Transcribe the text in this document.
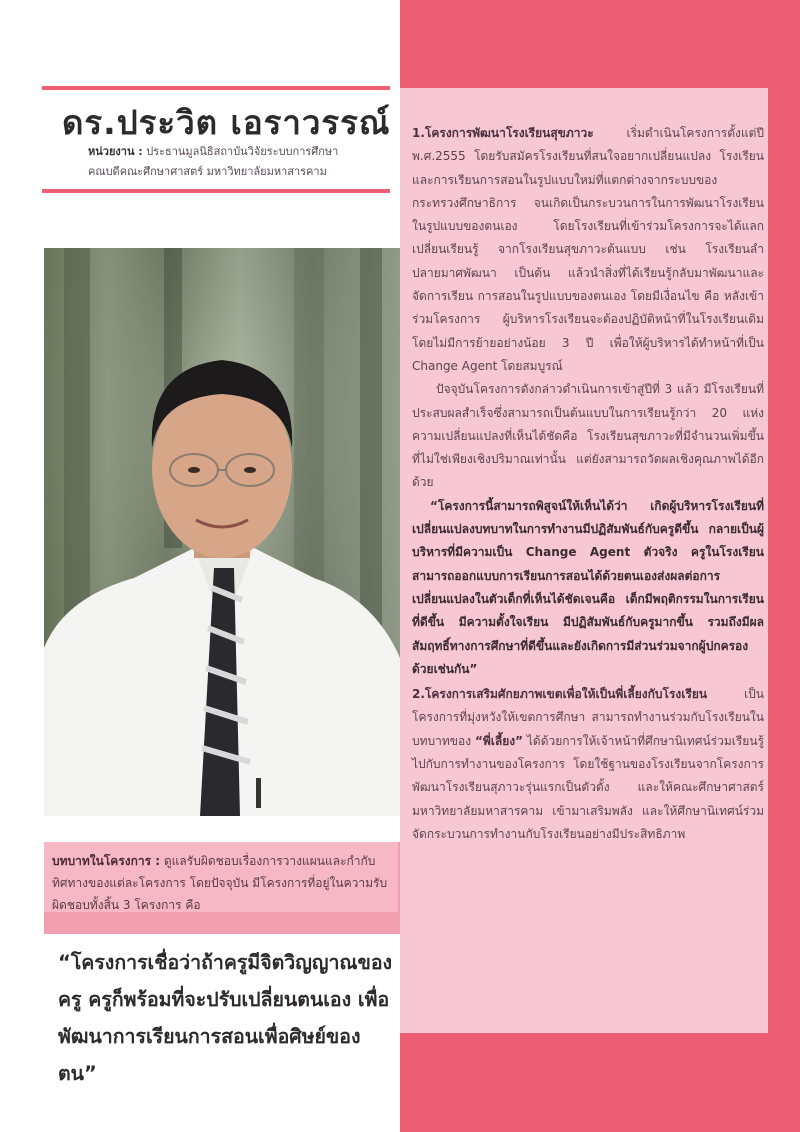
ดร.ประวิต เอราวรรณ์
หน่วยงาน : ประธานมูลนิธิสถาบันวิจัยระบบการศึกษา
คณบดีคณะศึกษาศาสตร์ มหาวิทยาลัยมหาสารคาม

1.โครงการพัฒนาโรงเรียนสุขภาวะ เริ่มดำเนินโครงการตั้งแต่ปี พ.ศ.2555 โดยรับสมัครโรงเรียนที่สนใจอยากเปลี่ยนแปลง โรงเรียนและการเรียนการสอนในรูปแบบใหม่ที่แตกต่างจากระบบของกระทรวงศึกษาธิการ จนเกิดเป็นกระบวนการในการพัฒนาโรงเรียน ในรูปแบบของตนเอง โดยโรงเรียนที่เข้าร่วมโครงการจะได้แลกเปลี่ยนเรียนรู้ จากโรงเรียนสุขภาวะต้นแบบ เช่น โรงเรียนลำปลายมาศพัฒนา เป็นต้น แล้วนำสิ่งที่ได้เรียนรู้กลับมาพัฒนาและจัดการเรียน การสอนในรูปแบบของตนเอง โดยมีเงื่อนไข คือ หลังเข้าร่วมโครงการ ผู้บริหารโรงเรียนจะต้องปฏิบัติหน้าที่ในโรงเรียนเดิมโดยไม่มีการย้ายอย่างน้อย 3 ปี เพื่อให้ผู้บริหารได้ทำหน้าที่เป็น Change Agent โดยสมบูรณ์

ปัจจุบันโครงการดังกล่าวดำเนินการเข้าสู่ปีที่ 3 แล้ว มีโรงเรียนที่ประสบผลสำเร็จซึ่งสามารถเป็นต้นแบบในการเรียนรู้กว่า 20 แห่ง ความเปลี่ยนแปลงที่เห็นได้ชัดคือ โรงเรียนสุขภาวะที่มีจำนวนเพิ่มขึ้น ที่ไม่ใช่เพียงเชิงปริมาณเท่านั้น แต่ยังสามารถวัดผลเชิงคุณภาพได้อีกด้วย

“โครงการนี้สามารถพิสูจน์ให้เห็นได้ว่า เกิดผู้บริหารโรงเรียนที่เปลี่ยนแปลงบทบาทในการทำงานมีปฏิสัมพันธ์กับครูดีขึ้น กลายเป็นผู้บริหารที่มีความเป็น Change Agent ตัวจริง ครูในโรงเรียนสามารถออกแบบการเรียนการสอนได้ด้วยตนเองส่งผลต่อการเปลี่ยนแปลงในตัวเด็กที่เห็นได้ชัดเจนคือ เด็กมีพฤติกรรมในการเรียนที่ดีขึ้น มีความตั้งใจเรียน มีปฏิสัมพันธ์กับครูมากขึ้น รวมถึงมีผลสัมฤทธิ์ทางการศึกษาที่ดีขึ้นและยังเกิดการมีส่วนร่วมจากผู้ปกครองด้วยเช่นกัน”

2.โครงการเสริมศักยภาพเขตเพื่อให้เป็นพี่เลี้ยงกับโรงเรียน เป็นโครงการที่มุ่งหวังให้เขตการศึกษา สามารถทำงานร่วมกับโรงเรียนในบทบาทของ “พี่เลี้ยง” ได้ด้วยการให้เจ้าหน้าที่ศึกษานิเทศน์ร่วมเรียนรู้ไปกับการทำงานของโครงการ โดยใช้ฐานของโรงเรียนจากโครงการพัฒนาโรงเรียนสุภาวะรุ่นแรกเป็นตัวตั้ง และให้คณะศึกษาศาสตร์ มหาวิทยาลัยมหาสารคาม เข้ามาเสริมพลัง และให้ศึกษานิเทศน์ร่วมจัดกระบวนการทำงานกับโรงเรียนอย่างมีประสิทธิภาพ

บทบาทในโครงการ : ดูแลรับผิดชอบเรื่องการวางแผนและกำกับทิศทางของแต่ละโครงการ โดยปัจจุบัน มีโครงการที่อยู่ในความรับผิดชอบทั้งสิ้น 3 โครงการ คือ
“โครงการเชื่อว่าถ้าครูมีจิตวิญญาณของครู ครูก็พร้อมที่จะปรับเปลี่ยนตนเอง เพื่อพัฒนาการเรียนการสอนเพื่อศิษย์ของตน”
